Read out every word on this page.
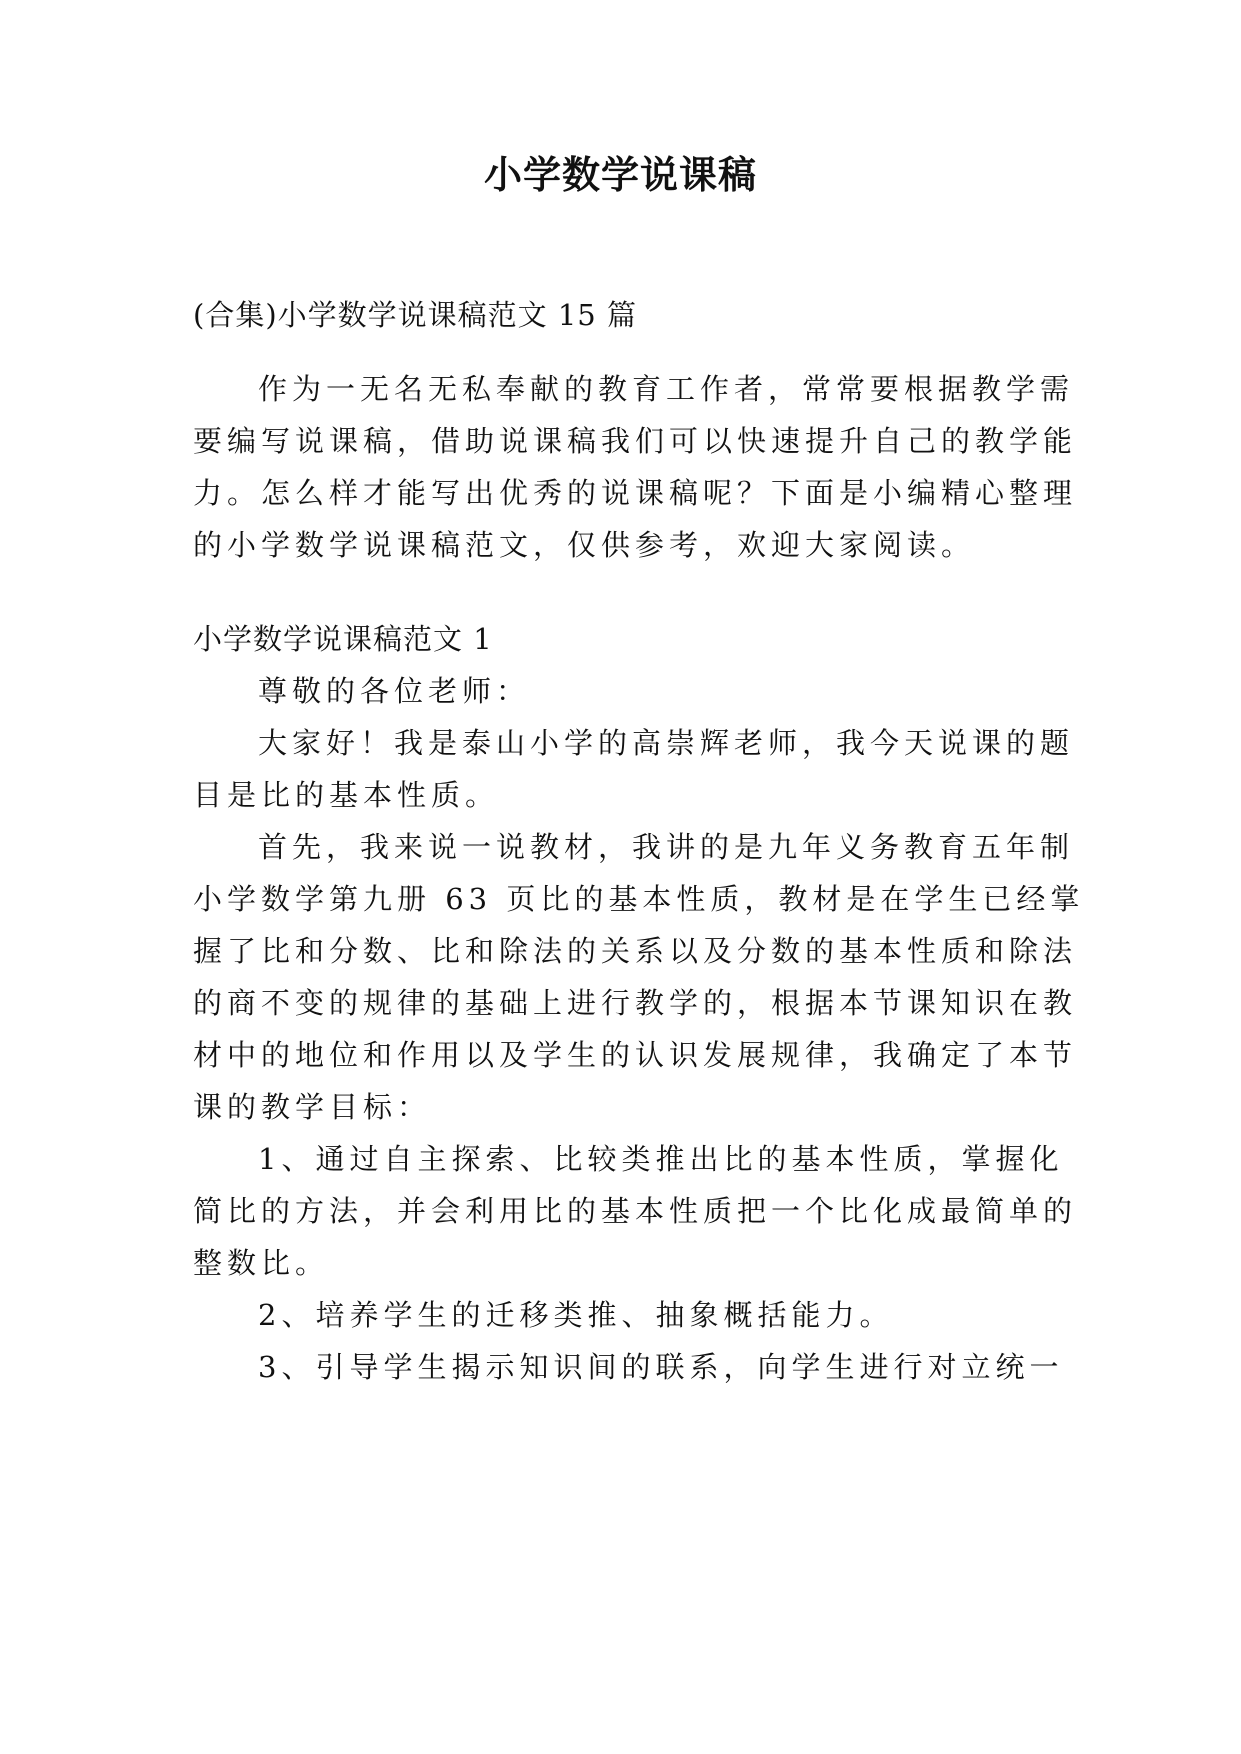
小学数学说课稿
(合集)小学数学说课稿范文 15 篇
作为一无名无私奉献的教育工作者，常常要根据教学需
要编写说课稿，借助说课稿我们可以快速提升自己的教学能
力。怎么样才能写出优秀的说课稿呢？下面是小编精心整理
的小学数学说课稿范文，仅供参考，欢迎大家阅读。
小学数学说课稿范文 1
尊敬的各位老师：
大家好！我是泰山小学的高崇辉老师，我今天说课的题
目是比的基本性质。
首先，我来说一说教材，我讲的是九年义务教育五年制
小学数学第九册 63 页比的基本性质，教材是在学生已经掌
握了比和分数、比和除法的关系以及分数的基本性质和除法
的商不变的规律的基础上进行教学的，根据本节课知识在教
材中的地位和作用以及学生的认识发展规律，我确定了本节
课的教学目标：
1、通过自主探索、比较类推出比的基本性质，掌握化
简比的方法，并会利用比的基本性质把一个比化成最简单的
整数比。
2、培养学生的迁移类推、抽象概括能力。
3、引导学生揭示知识间的联系，向学生进行对立统一
